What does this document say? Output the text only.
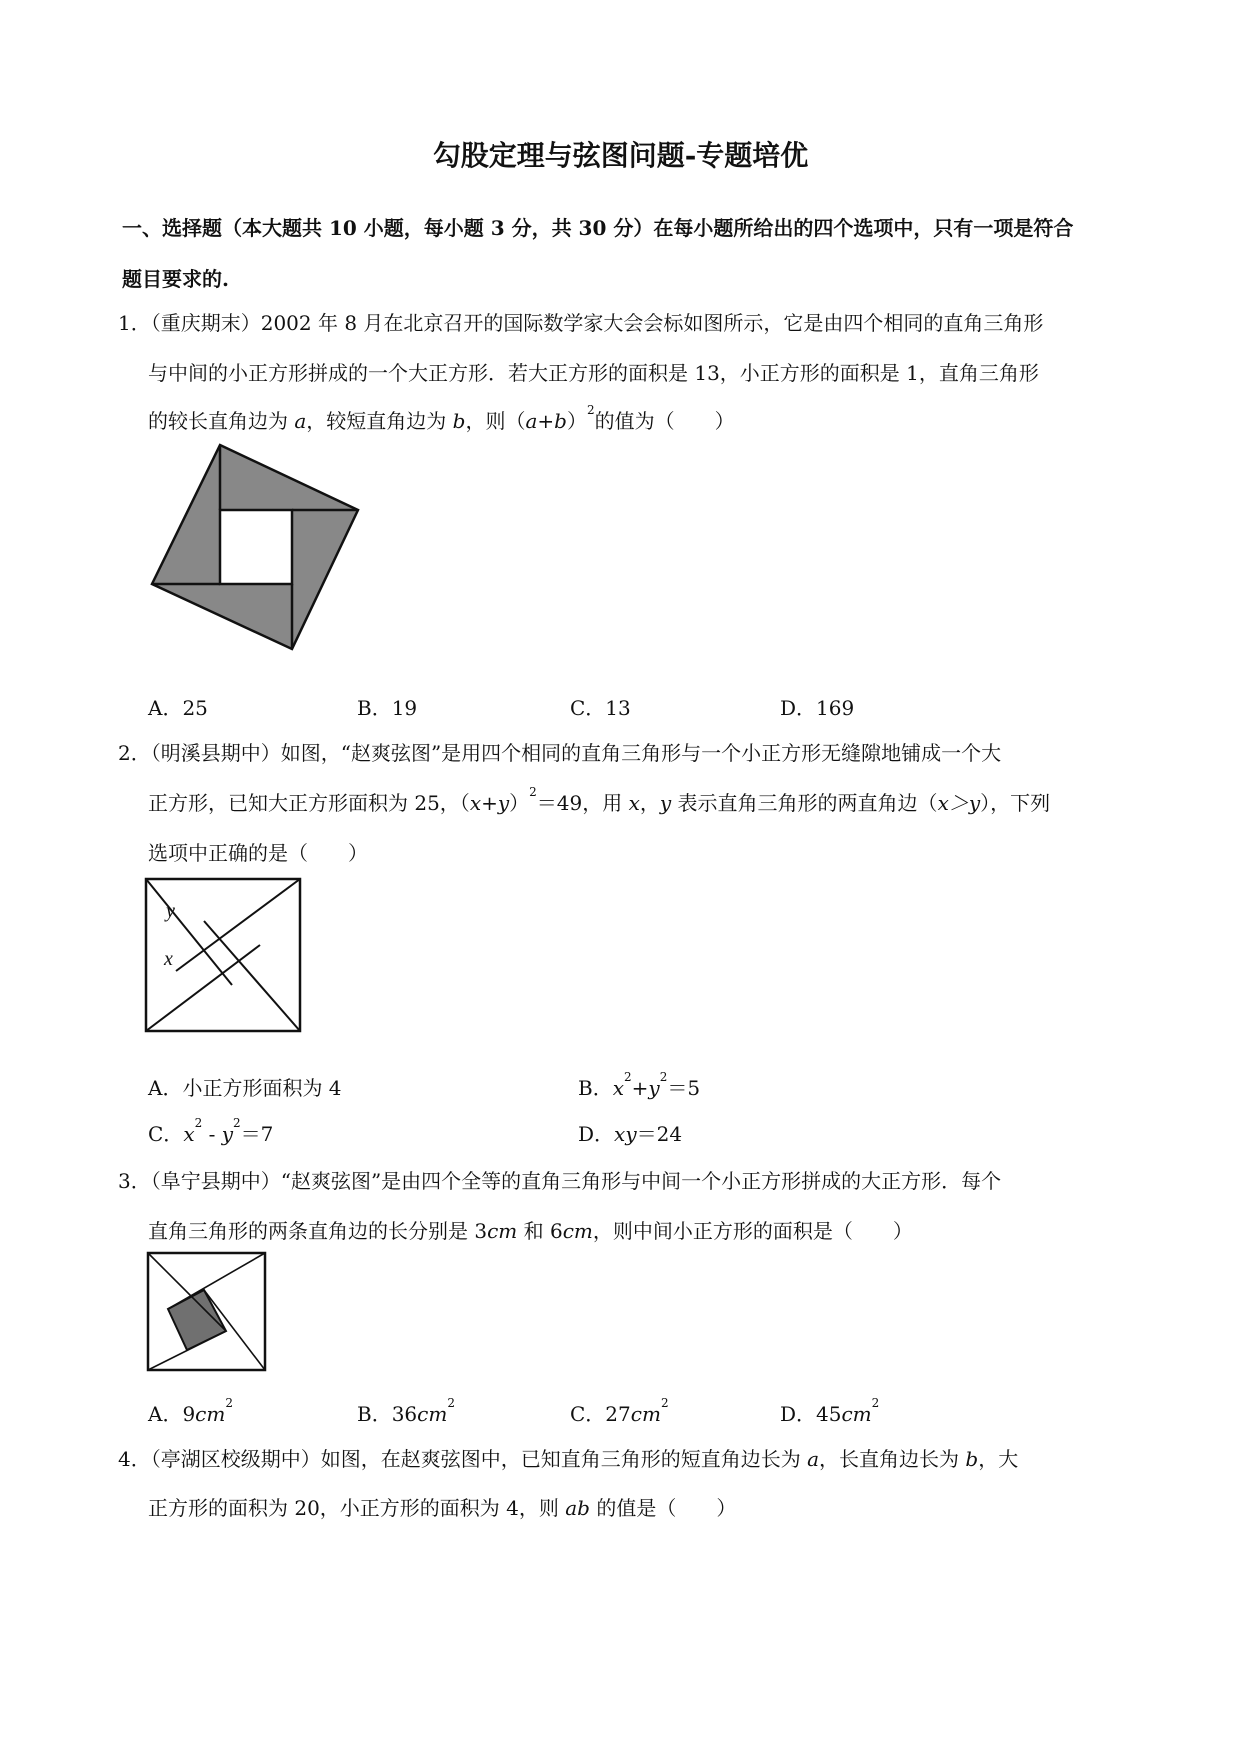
勾股定理与弦图问题-专题培优
一、选择题（本大题共 10 小题，每小题 3 分，共 30 分）在每小题所给出的四个选项中，只有一项是符合
题目要求的.
1．（重庆期末）2002 年 8 月在北京召开的国际数学家大会会标如图所示，它是由四个相同的直角三角形
与中间的小正方形拼成的一个大正方形．若大正方形的面积是 13，小正方形的面积是 1，直角三角形
的较长直角边为 a，较短直角边为 b，则$(a+b)^2$的值为（　　）
A．25	B．19	C．13	D．169
2．（明溪县期中）如图，“赵爽弦图”是用四个相同的直角三角形与一个小正方形无缝隙地铺成一个大
正方形，已知大正方形面积为 25，$(x+y)^2=49$，用 x，y 表示直角三角形的两直角边（x＞y），下列
选项中正确的是（　　）
y
x
A．小正方形面积为 4	B．$x^2+y^2=5$
C．$x^2 - y^2=7$	D．xy＝24
3．（阜宁县期中）“赵爽弦图”是由四个全等的直角三角形与中间一个小正方形拼成的大正方形．每个
直角三角形的两条直角边的长分别是 3cm 和 6cm，则中间小正方形的面积是（　　）
A．$9cm^2$	B．$36cm^2$	C．$27cm^2$	D．$45cm^2$
4．（亭湖区校级期中）如图，在赵爽弦图中，已知直角三角形的短直角边长为 a，长直角边长为 b，大
正方形的面积为 20，小正方形的面积为 4，则 ab 的值是（　　）
